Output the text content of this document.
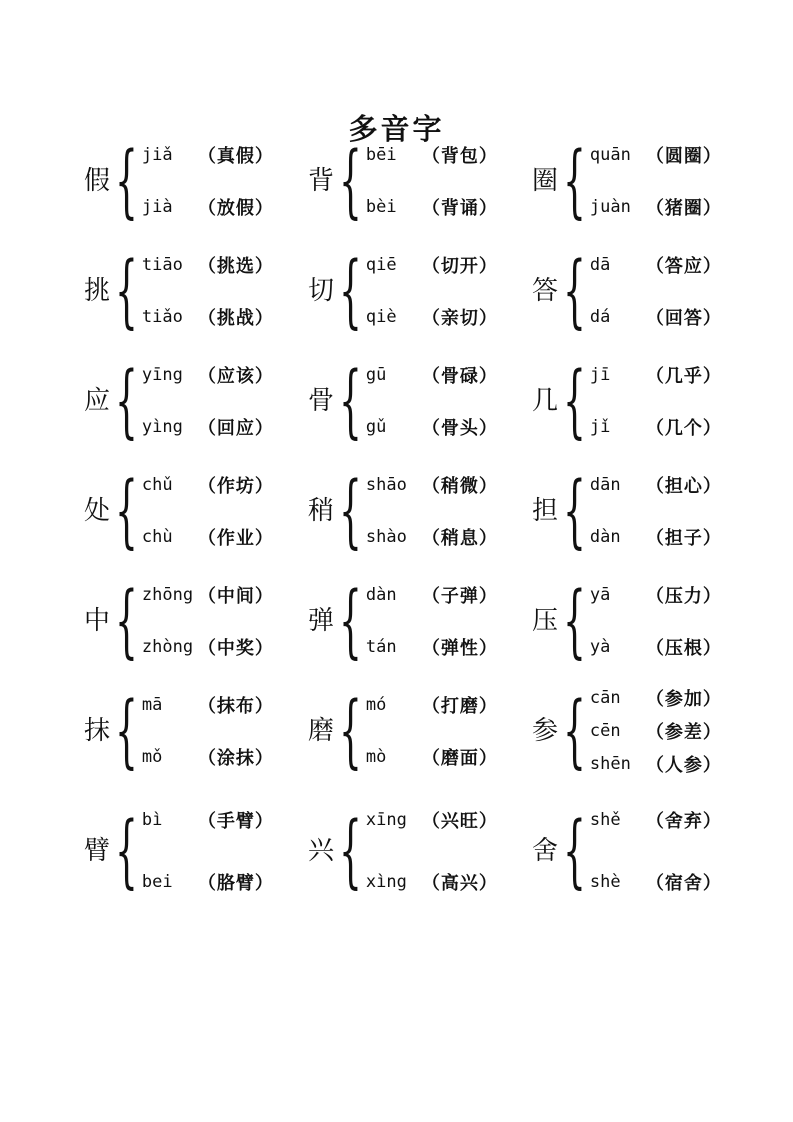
多音字
假 { jiǎ	（真假）
jià	（放假）
背 { bēi	（背包）
bèi	（背诵）
圈 { quān （圆圈）
juàn （猪圈）
挑 { tiāo （挑选）
tiǎo （挑战）
切 { qiē	（切开）
qiè	（亲切）
答 { dā	（答应）
dá	（回答）
应 { yīng （应该）
yìng （回应）
骨 { gū	（骨碌）
gǔ	（骨头）
几 { jī	（几乎）
jǐ	（几个）
处 { chǔ	（作坊）
chù	（作业）
稍 { shāo （稍微）
shào （稍息）
担 { dān	（担心）
dàn	（担子）
中 { zhōng （中间）
zhòng （中奖）
弹 { dàn	（子弹）
tán	（弹性）
压 { yā	（压力）
yà	（压根）
抹 { mā	（抹布）
mǒ	（涂抹）
磨 { mó	（打磨）
mò	（磨面）
参 { cān	（参加）
cēn	（参差）
shēn （人参）
臂 { bì	（手臂）
bei	（胳臂）
兴 { xīng （兴旺）
xìng （高兴）
舍 { shě	（舍弃）
shè	（宿舍）
